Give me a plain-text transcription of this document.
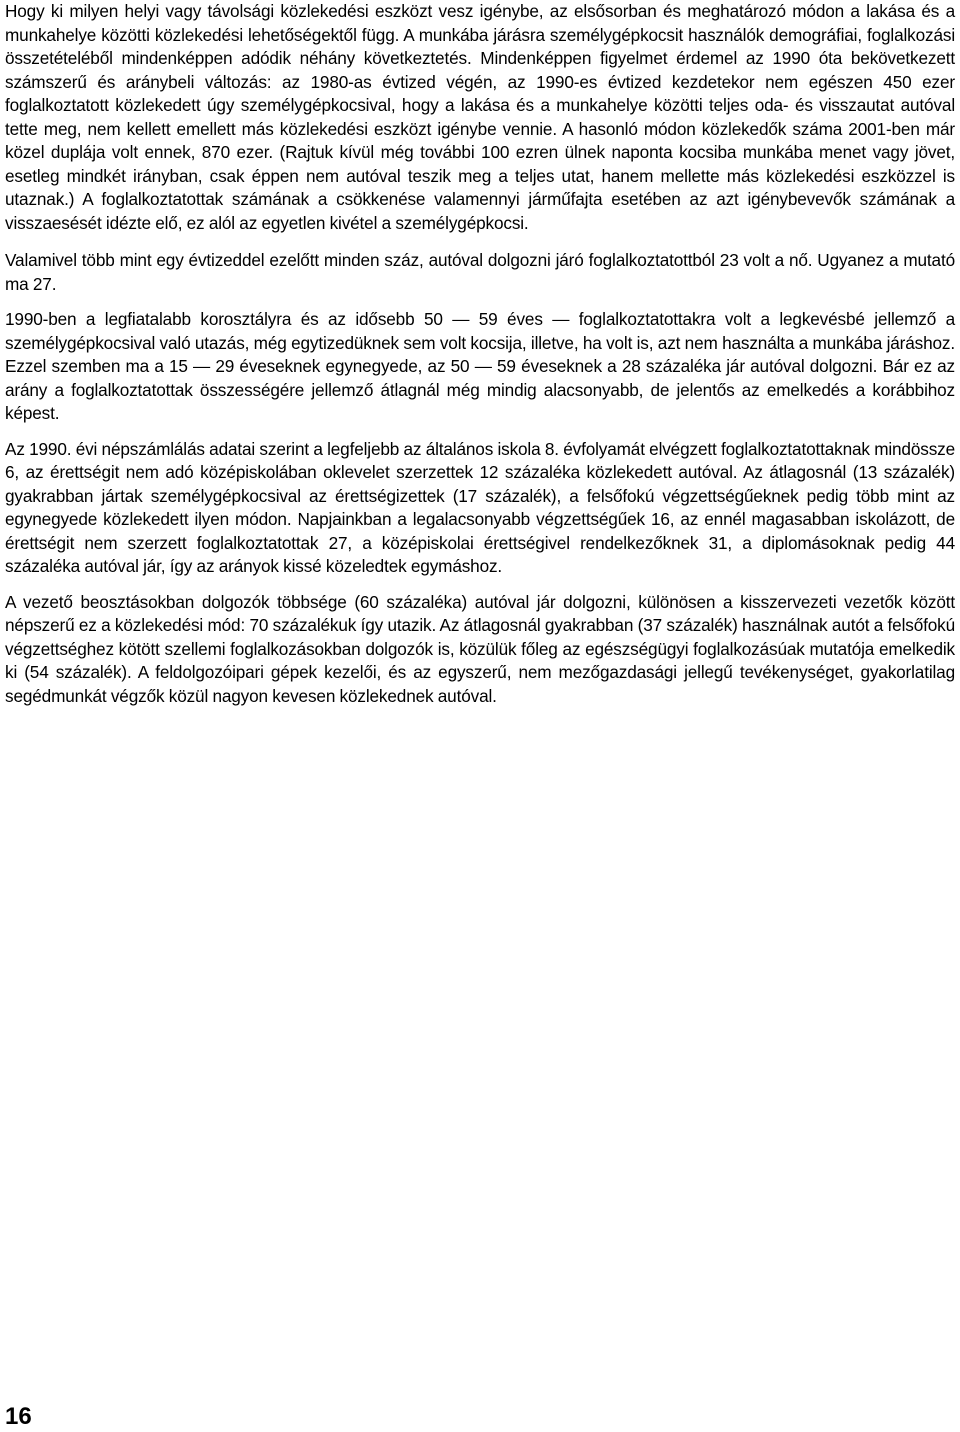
Hogy ki milyen helyi vagy távolsági közlekedési eszközt vesz igénybe, az elsősorban és meghatározó módon a lakása és a munkahelye közötti közlekedési lehetőségektől függ. A munkába járásra személygépkocsit használók demográfiai, foglalkozási összetételéből mindenképpen adódik néhány következtetés. Mindenképpen figyelmet érdemel az 1990 óta bekövetkezett számszerű és aránybeli változás: az 1980-as évtized végén, az 1990-es évtized kezdetekor nem egészen 450 ezer foglalkoztatott közlekedett úgy személygépkocsival, hogy a lakása és a munkahelye közötti teljes oda- és visszautat autóval tette meg, nem kellett emellett más közlekedési eszközt igénybe vennie. A hasonló módon közlekedők száma 2001-ben már közel duplája volt ennek, 870 ezer. (Rajtuk kívül még további 100 ezren ülnek naponta kocsiba munkába menet vagy jövet, esetleg mindkét irányban, csak éppen nem autóval teszik meg a teljes utat, hanem mellette más közlekedési eszközzel is utaznak.) A foglalkoztatottak számának a csökkenése valamennyi járműfajta esetében az azt igénybevevők számának a visszaesését idézte elő, ez alól az egyetlen kivétel a személygépkocsi.

Valamivel több mint egy évtizeddel ezelőtt minden száz, autóval dolgozni járó foglalkoztatottból 23 volt a nő. Ugyanez a mutató ma 27.

1990-ben a legfiatalabb korosztályra és az idősebb 50 — 59 éves — foglalkoztatottakra volt a legkevésbé jellemző a személygépkocsival való utazás, még egytizedüknek sem volt kocsija, illetve, ha volt is, azt nem használta a munkába járáshoz. Ezzel szemben ma a 15 — 29 éveseknek egynegyede, az 50 — 59 éveseknek a 28 százaléka jár autóval dolgozni. Bár ez az arány a foglalkoztatottak összességére jellemző átlagnál még mindig alacsonyabb, de jelentős az emelkedés a korábbihoz képest.

Az 1990. évi népszámlálás adatai szerint a legfeljebb az általános iskola 8. évfolyamát elvégzett foglalkoztatottaknak mindössze 6, az érettségit nem adó középiskolában oklevelet szerzettek 12 százaléka közlekedett autóval. Az átlagosnál (13 százalék) gyakrabban jártak személygépkocsival az érettségizettek (17 százalék), a felsőfokú végzettségűeknek pedig több mint az egynegyede közlekedett ilyen módon. Napjainkban a legalacsonyabb végzettségűek 16, az ennél magasabban iskolázott, de érettségit nem szerzett foglalkoztatottak 27, a középiskolai érettségivel rendelkezőknek 31, a diplomásoknak pedig 44 százaléka autóval jár, így az arányok kissé közeledtek egymáshoz.

A vezető beosztásokban dolgozók többsége (60 százaléka) autóval jár dolgozni, különösen a kisszervezeti vezetők között népszerű ez a közlekedési mód: 70 százalékuk így utazik. Az átlagosnál gyakrabban (37 százalék) használnak autót a felsőfokú végzettséghez kötött szellemi foglalkozásokban dolgozók is, közülük főleg az egészségügyi foglalkozásúak mutatója emelkedik ki (54 százalék). A feldolgozóipari gépek kezelői, és az egyszerű, nem mezőgazdasági jellegű tevékenységet, gyakorlatilag segédmunkát végzők közül nagyon kevesen közlekednek autóval.

16
